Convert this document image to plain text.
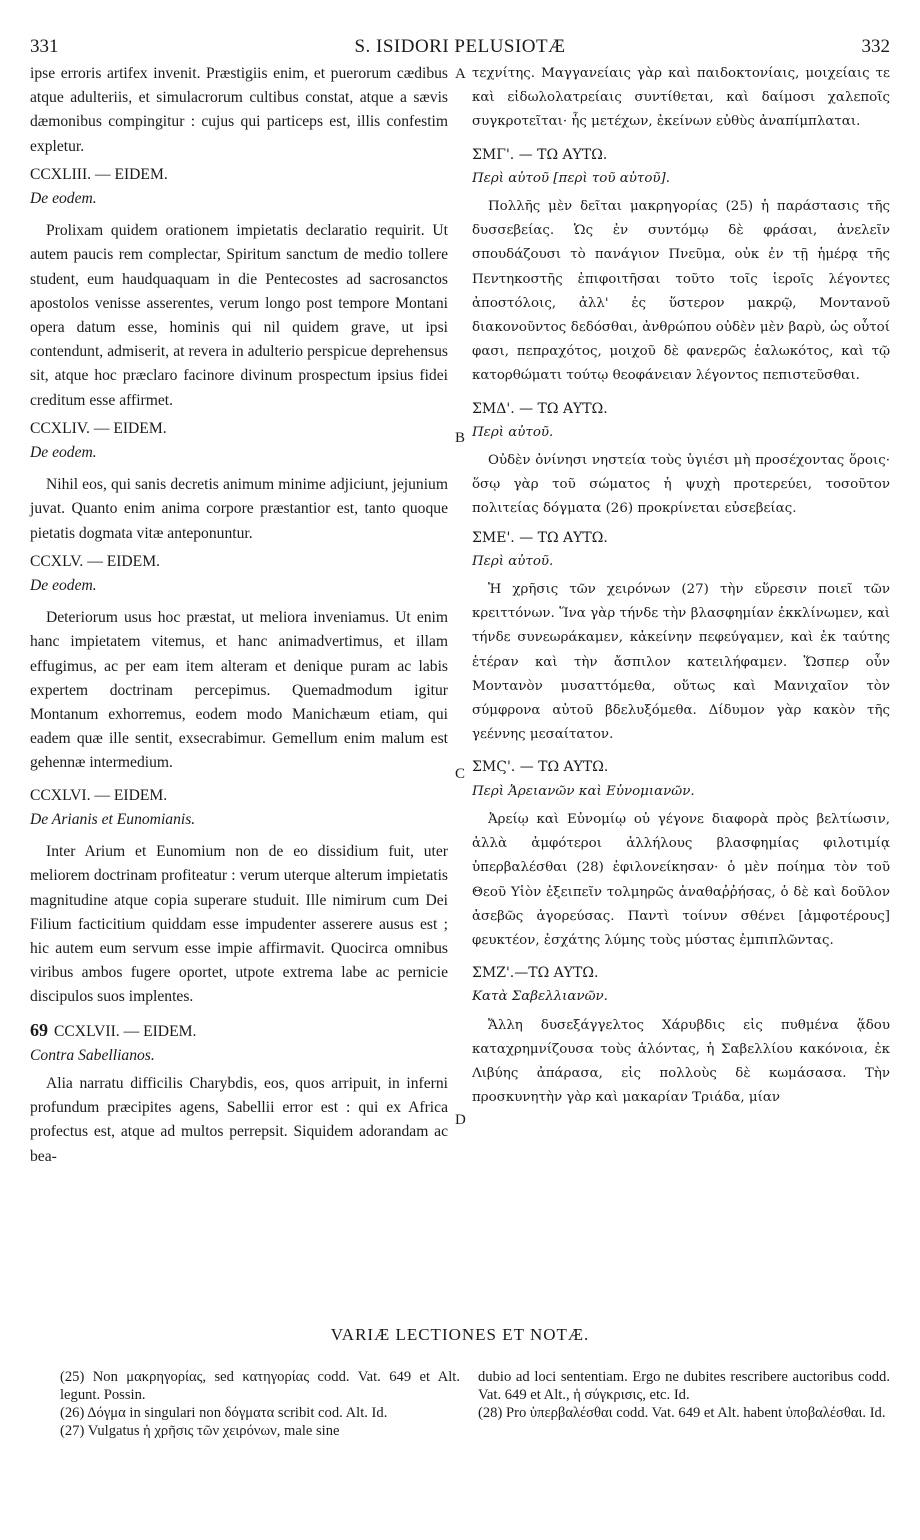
331	S. ISIDORI PELUSIOTÆ	332

ipse erroris artifex invenit. Præstigiis enim, et puerorum cædibus atque adulteriis, et simulacrorum cultibus constat, atque a sævis dæmonibus compingitur : cujus qui particeps est, illis confestim expletur.

CCXLIII. — EIDEM.

De eodem.

Prolixam quidem orationem impietatis declaratio requirit. Ut autem paucis rem complectar, Spiritum sanctum de medio tollere student, eum haudquaquam in die Pentecostes ad sacrosanctos apostolos venisse asserentes, verum longo post tempore Montani opera datum esse, hominis qui nil quidem grave, ut ipsi contendunt, admiserit, at revera in adulterio perspicue deprehensus sit, atque hoc præclaro facinore divinum prospectum ipsius fidei creditum esse affirmet.

CCXLIV. — EIDEM.

De eodem.

Nihil eos, qui sanis decretis animum minime adjiciunt, jejunium juvat. Quanto enim anima corpore præstantior est, tanto quoque pietatis dogmata vitæ anteponuntur.

CCXLV. — EIDEM.

De eodem.

Deteriorum usus hoc præstat, ut meliora inveniamus. Ut enim hanc impietatem vitemus, et hanc animadvertimus, et illam effugimus, ac per eam item alteram et denique puram ac labis expertem doctrinam percepimus. Quemadmodum igitur Montanum exhorremus, eodem modo Manichæum etiam, qui eadem quæ ille sentit, exsecrabimur. Gemellum enim malum est gehennæ intermedium.

CCXLVI. — EIDEM.

De Arianis et Eunomianis.

Inter Arium et Eunomium non de eo dissidium fuit, uter meliorem doctrinam profiteatur : verum uterque alterum impietatis magnitudine atque copia superare studuit. Ille nimirum cum Dei Filium facticitium quiddam esse impudenter asserere ausus est ; hic autem eum servum esse impie affirmavit. Quocirca omnibus viribus ambos fugere oportet, utpote extrema labe ac pernicie discipulos suos implentes.

69 CCXLVII. — EIDEM.

Contra Sabellianos.

Alia narratu difficilis Charybdis, eos, quos arripuit, in inferni profundum præcipites agens, Sabellii error est : qui ex Africa profectus est, atque ad multos perrepsit. Siquidem adorandam ac bea-

τεχνίτης. Μαγγανείαις γὰρ καὶ παιδοκτονίαις, μοιχείαις τε καὶ εἰδωλολατρείαις συντίθεται, καὶ δαίμοσι χαλεποῖς συγκροτεῖται· ἧς μετέχων, ἐκείνων εὐθὺς ἀναπίμπλαται.

ΣΜΓ'. — ΤΩ ΑΥΤΩ.

Περὶ αὐτοῦ [περὶ τοῦ αὐτοῦ].

Πολλῆς μὲν δεῖται μακρηγορίας (25) ἡ παράστασις τῆς δυσσεβείας. Ὡς ἐν συντόμῳ δὲ φράσαι, ἀνελεῖν σπουδάζουσι τὸ πανάγιον Πνεῦμα, οὐκ ἐν τῇ ἡμέρᾳ τῆς Πεντηκοστῆς ἐπιφοιτῆσαι τοῦτο τοῖς ἱεροῖς λέγοντες ἀποστόλοις, ἀλλ' ἐς ὕστερον μακρῷ, Μοντανοῦ διακονοῦντος δεδόσθαι, ἀνθρώπου οὐδὲν μὲν βαρὺ, ὡς οὗτοί φασι, πεπραχότος, μοιχοῦ δὲ φανερῶς ἑαλωκότος, καὶ τῷ κατορθώματι τούτῳ θεοφάνειαν λέγοντος πεπιστεῦσθαι.

ΣΜΔ'. — ΤΩ ΑΥΤΩ.

Περὶ αὐτοῦ.

Οὐδὲν ὀνίνησι νηστεία τοὺς ὑγιέσι μὴ προσέχοντας ὅροις· ὅσῳ γὰρ τοῦ σώματος ἡ ψυχὴ προτερεύει, τοσοῦτον πολιτείας δόγματα (26) προκρίνεται εὐσεβείας.

ΣΜΕ'. — ΤΩ ΑΥΤΩ.

Περὶ αὐτοῦ.

Ἡ χρῆσις τῶν χειρόνων (27) τὴν εὕρεσιν ποιεῖ τῶν κρειττόνων. Ἵνα γὰρ τήνδε τὴν βλασφημίαν ἐκκλίνωμεν, καὶ τήνδε συνεωράκαμεν, κἀκείνην πεφεύγαμεν, καὶ ἐκ ταύτης ἑτέραν καὶ τὴν ἄσπιλον κατειλήφαμεν. Ὥσπερ οὖν Μοντανὸν μυσαττόμεθα, οὕτως καὶ Μανιχαῖον τὸν σύμφρονα αὐτοῦ βδελυξόμεθα. Δίδυμον γὰρ κακὸν τῆς γεέννης μεσαίτατον.

ΣΜϚ'. — ΤΩ ΑΥΤΩ.

Περὶ Ἀρειανῶν καὶ Εὐνομιανῶν.

Ἀρείῳ καὶ Εὐνομίῳ οὐ γέγονε διαφορὰ πρὸς βελτίωσιν, ἀλλὰ ἀμφότεροι ἀλλήλους βλασφημίας φιλοτιμίᾳ ὑπερβαλέσθαι (28) ἐφιλονείκησαν· ὁ μὲν ποίημα τὸν τοῦ Θεοῦ Υἱὸν ἐξειπεῖν τολμηρῶς ἀναθαῤῥήσας, ὁ δὲ καὶ δοῦλον ἀσεβῶς ἀγορεύσας. Παντὶ τοίνυν σθένει [ἀμφοτέρους] φευκτέον, ἐσχάτης λύμης τοὺς μύστας ἐμπιπλῶντας.

ΣΜΖ'.—ΤΩ ΑΥΤΩ.

Κατὰ Σαβελλιανῶν.

Ἄλλη δυσεξάγγελτος Χάρυβδις εἰς πυθμένα ᾅδου καταχρημνίζουσα τοὺς ἁλόντας, ἡ Σαβελλίου κακόνοια, ἐκ Λιβύης ἀπάρασα, εἰς πολλοὺς δὲ κωμάσασα. Τὴν προσκυνητὴν γὰρ καὶ μακαρίαν Τριάδα, μίαν

A
B
C
D
VARIÆ LECTIONES ET NOTÆ.

(25) Non μακρηγορίας, sed κατηγορίας codd. Vat. 649 et Alt. legunt. Possin.

(26) Δόγμα in singulari non δόγματα scribit cod. Alt. Id.

(27) Vulgatus ἡ χρῆσις τῶν χειρόνων, male sine

dubio ad loci sententiam. Ergo ne dubites rescribere auctoribus codd. Vat. 649 et Alt., ἡ σύγκρισις, etc. Id.

(28) Pro ὑπερβαλέσθαι codd. Vat. 649 et Alt. habent ὑποβαλέσθαι. Id.
